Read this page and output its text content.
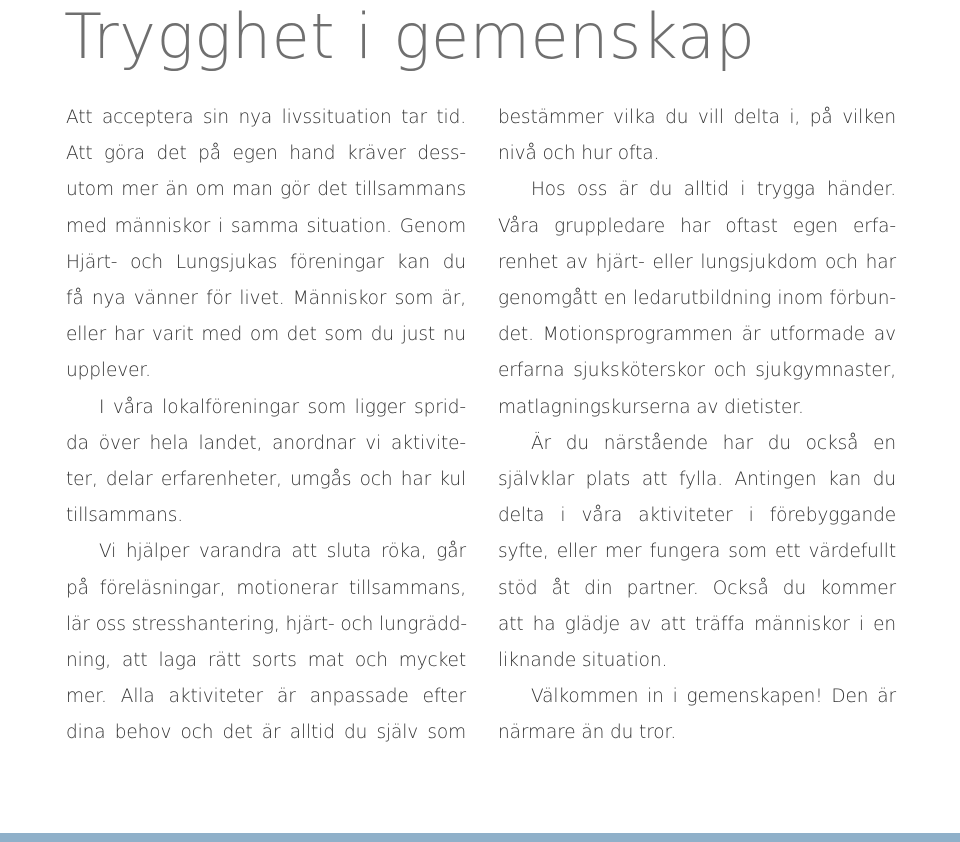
Trygghet i gemenskap
Att acceptera sin nya livssituation tar tid.
Att göra det på egen hand kräver dess-
utom mer än om man gör det tillsammans
med människor i samma situation. Genom
Hjärt- och Lungsjukas föreningar kan du
få nya vänner för livet. Människor som är,
eller har varit med om det som du just nu
upplever.
I våra lokalföreningar som ligger sprid-
da över hela landet, anordnar vi aktivite-
ter, delar erfarenheter, umgås och har kul
tillsammans.
Vi hjälper varandra att sluta röka, går
på föreläsningar, motionerar tillsammans,
lär oss stresshantering, hjärt- och lungrädd-
ning, att laga rätt sorts mat och mycket
mer. Alla aktiviteter är anpassade efter
dina behov och det är alltid du själv som
bestämmer vilka du vill delta i, på vilken
nivå och hur ofta.
Hos oss är du alltid i trygga händer.
Våra gruppledare har oftast egen erfa-
renhet av hjärt- eller lungsjukdom och har
genomgått en ledarutbildning inom förbun-
det. Motionsprogrammen är utformade av
erfarna sjuksköterskor och sjukgymnaster,
matlagningskurserna av dietister.
Är du närstående har du också en
självklar plats att fylla. Antingen kan du
delta i våra aktiviteter i förebyggande
syfte, eller mer fungera som ett värdefullt
stöd åt din partner. Också du kommer
att ha glädje av att träffa människor i en
liknande situation.
Välkommen in i gemenskapen! Den är
närmare än du tror.
